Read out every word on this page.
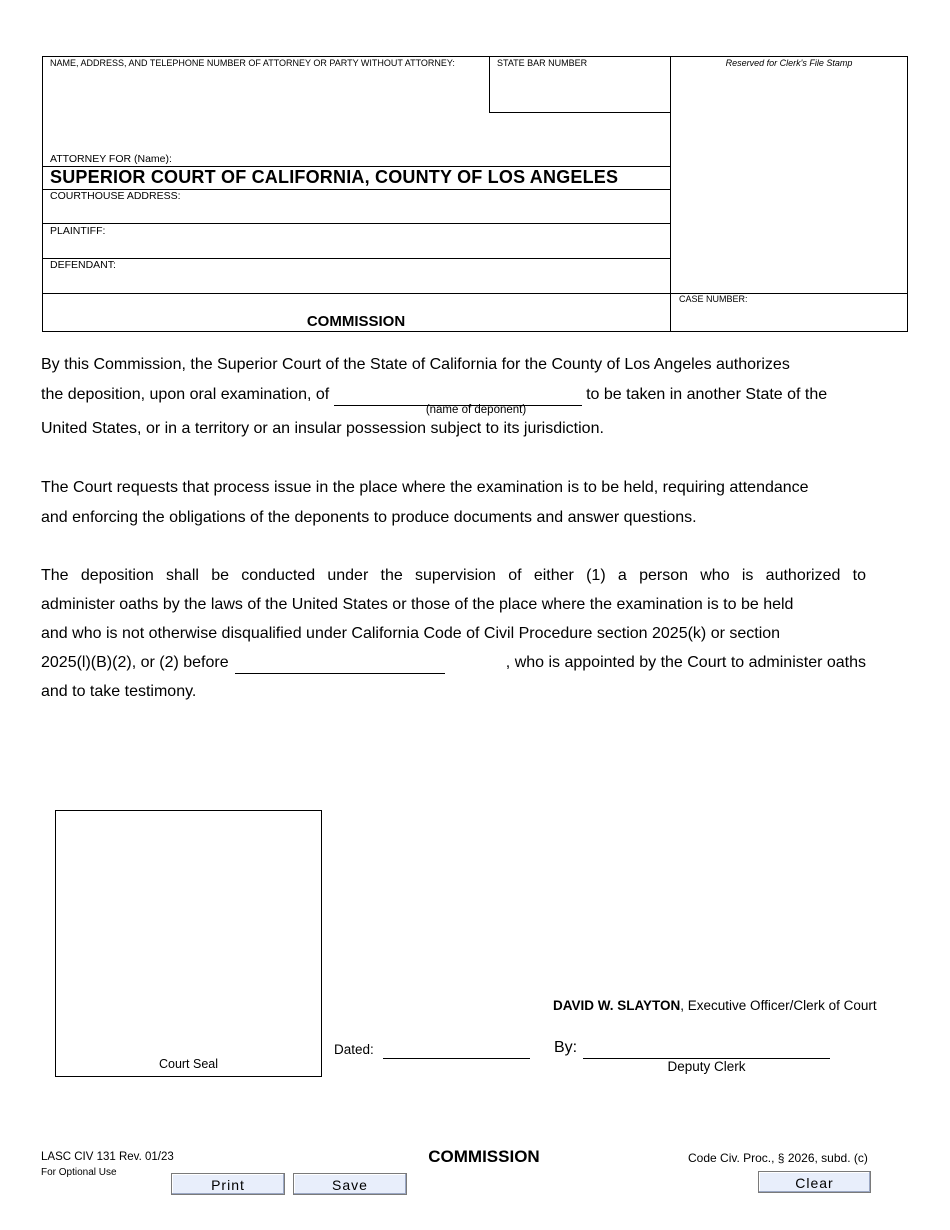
NAME, ADDRESS, AND TELEPHONE NUMBER OF ATTORNEY OR PARTY WITHOUT ATTORNEY:	STATE BAR NUMBER	Reserved for Clerk's File Stamp
ATTORNEY FOR (Name):
SUPERIOR COURT OF CALIFORNIA, COUNTY OF LOS ANGELES
COURTHOUSE ADDRESS:
PLAINTIFF:
DEFENDANT:
COMMISSION
CASE NUMBER:
By this Commission, the Superior Court of the State of California for the County of Los Angeles authorizes
the deposition, upon oral examination, of	to be taken in another State of the
(name of deponent)
United States, or in a territory or an insular possession subject to its jurisdiction.
The Court requests that process issue in the place where the examination is to be held, requiring attendance
and enforcing the obligations of the deponents to produce documents and answer questions.
The deposition shall be conducted under the supervision of either (1) a person who is authorized to
administer oaths by the laws of the United States or those of the place where the examination is to be held
and who is not otherwise disqualified under California Code of Civil Procedure section 2025(k) or section
2025(l)(B)(2), or (2) before	, who is appointed by the Court to administer oaths
and to take testimony.
Court Seal
DAVID W. SLAYTON, Executive Officer/Clerk of Court
Dated:	By:
Deputy Clerk
LASC CIV 131 Rev. 01/23
For Optional Use
COMMISSION	Code Civ. Proc., § 2026, subd. (c)
Print	Save	Clear
